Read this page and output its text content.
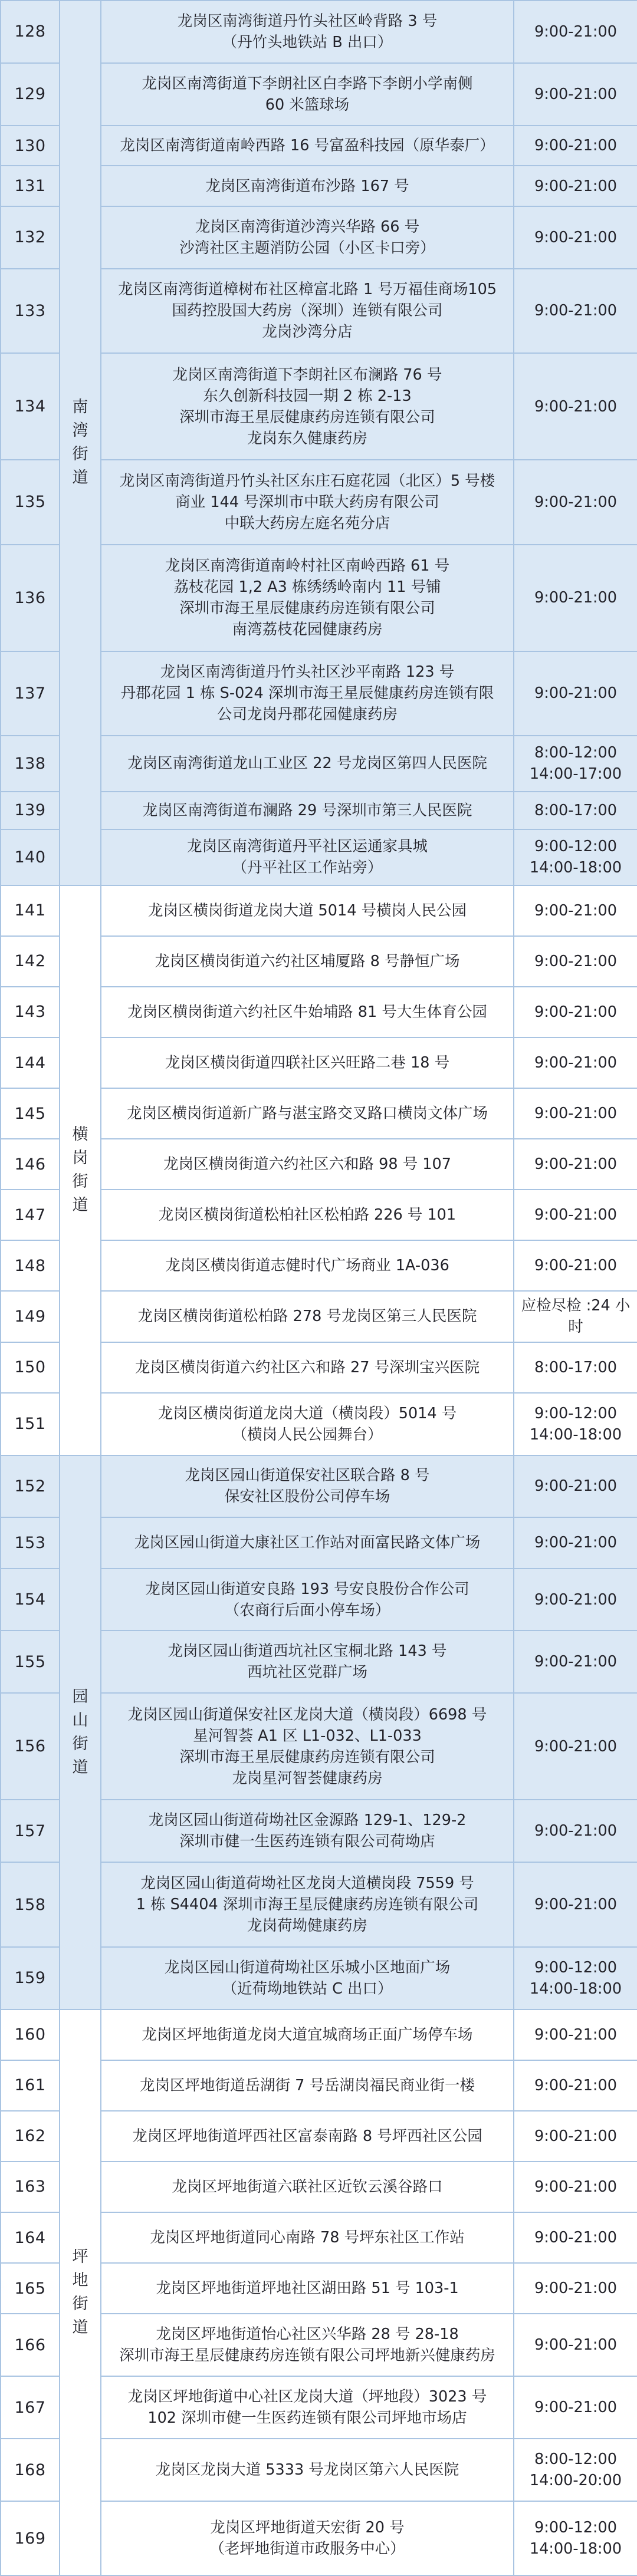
128	南湾街道	龙岗区南湾街道丹竹头社区岭背路 3 号
（丹竹头地铁站 B 出口）	9:00-21:00
129		龙岗区南湾街道下李朗社区白李路下李朗小学南侧
60 米篮球场	9:00-21:00
130		龙岗区南湾街道南岭西路 16 号富盈科技园（原华泰厂）	9:00-21:00
131		龙岗区南湾街道布沙路 167 号	9:00-21:00
132		龙岗区南湾街道沙湾兴华路 66 号
沙湾社区主题消防公园（小区卡口旁）	9:00-21:00
133		龙岗区南湾街道樟树布社区樟富北路 1 号万福佳商场105
国药控股国大药房（深圳）连锁有限公司
龙岗沙湾分店	9:00-21:00
134		龙岗区南湾街道下李朗社区布澜路 76 号
东久创新科技园一期 2 栋 2-13
深圳市海王星辰健康药房连锁有限公司
龙岗东久健康药房	9:00-21:00
135		龙岗区南湾街道丹竹头社区东庄石庭花园（北区）5 号楼
商业 144 号深圳市中联大药房有限公司
中联大药房左庭名苑分店	9:00-21:00
136		龙岗区南湾街道南岭村社区南岭西路 61 号
荔枝花园 1,2 A3 栋绣绣岭南内 11 号铺
深圳市海王星辰健康药房连锁有限公司
南湾荔枝花园健康药房	9:00-21:00
137		龙岗区南湾街道丹竹头社区沙平南路 123 号
丹郡花园 1 栋 S-024 深圳市海王星辰健康药房连锁有限
公司龙岗丹郡花园健康药房	9:00-21:00
138		龙岗区南湾街道龙山工业区 22 号龙岗区第四人民医院	8:00-12:00
14:00-17:00
139		龙岗区南湾街道布澜路 29 号深圳市第三人民医院	8:00-17:00
140		龙岗区南湾街道丹平社区运通家具城
（丹平社区工作站旁）	9:00-12:00
14:00-18:00
141	横岗街道	龙岗区横岗街道龙岗大道 5014 号横岗人民公园	9:00-21:00
142		龙岗区横岗街道六约社区埔厦路 8 号静恒广场	9:00-21:00
143		龙岗区横岗街道六约社区牛始埔路 81 号大生体育公园	9:00-21:00
144		龙岗区横岗街道四联社区兴旺路二巷 18 号	9:00-21:00
145		龙岗区横岗街道新广路与湛宝路交叉路口横岗文体广场	9:00-21:00
146		龙岗区横岗街道六约社区六和路 98 号 107	9:00-21:00
147		龙岗区横岗街道松柏社区松柏路 226 号 101	9:00-21:00
148		龙岗区横岗街道志健时代广场商业 1A-036	9:00-21:00
149		龙岗区横岗街道松柏路 278 号龙岗区第三人民医院	应检尽检 :24 小时
150		龙岗区横岗街道六约社区六和路 27 号深圳宝兴医院	8:00-17:00
151		龙岗区横岗街道龙岗大道（横岗段）5014 号
（横岗人民公园舞台）	9:00-12:00
14:00-18:00
152	园山街道	龙岗区园山街道保安社区联合路 8 号
保安社区股份公司停车场	9:00-21:00
153		龙岗区园山街道大康社区工作站对面富民路文体广场	9:00-21:00
154		龙岗区园山街道安良路 193 号安良股份合作公司
（农商行后面小停车场）	9:00-21:00
155		龙岗区园山街道西坑社区宝桐北路 143 号
西坑社区党群广场	9:00-21:00
156		龙岗区园山街道保安社区龙岗大道（横岗段）6698 号
星河智荟 A1 区 L1-032、L1-033
深圳市海王星辰健康药房连锁有限公司
龙岗星河智荟健康药房	9:00-21:00
157		龙岗区园山街道荷坳社区金源路 129-1、129-2
深圳市健一生医药连锁有限公司荷坳店	9:00-21:00
158		龙岗区园山街道荷坳社区龙岗大道横岗段 7559 号
1 栋 S4404 深圳市海王星辰健康药房连锁有限公司
龙岗荷坳健康药房	9:00-21:00
159		龙岗区园山街道荷坳社区乐城小区地面广场
（近荷坳地铁站 C 出口）	9:00-12:00
14:00-18:00
160	坪地街道	龙岗区坪地街道龙岗大道宜城商场正面广场停车场	9:00-21:00
161		龙岗区坪地街道岳湖街 7 号岳湖岗福民商业街一楼	9:00-21:00
162		龙岗区坪地街道坪西社区富泰南路 8 号坪西社区公园	9:00-21:00
163		龙岗区坪地街道六联社区近钦云溪谷路口	9:00-21:00
164		龙岗区坪地街道同心南路 78 号坪东社区工作站	9:00-21:00
165		龙岗区坪地街道坪地社区湖田路 51 号 103-1	9:00-21:00
166		龙岗区坪地街道怡心社区兴华路 28 号 28-18
深圳市海王星辰健康药房连锁有限公司坪地新兴健康药房	9:00-21:00
167		龙岗区坪地街道中心社区龙岗大道（坪地段）3023 号
102 深圳市健一生医药连锁有限公司坪地市场店	9:00-21:00
168		龙岗区龙岗大道 5333 号龙岗区第六人民医院	8:00-12:00
14:00-20:00
169		龙岗区坪地街道天宏街 20 号
（老坪地街道市政服务中心）	9:00-12:00
14:00-18:00
